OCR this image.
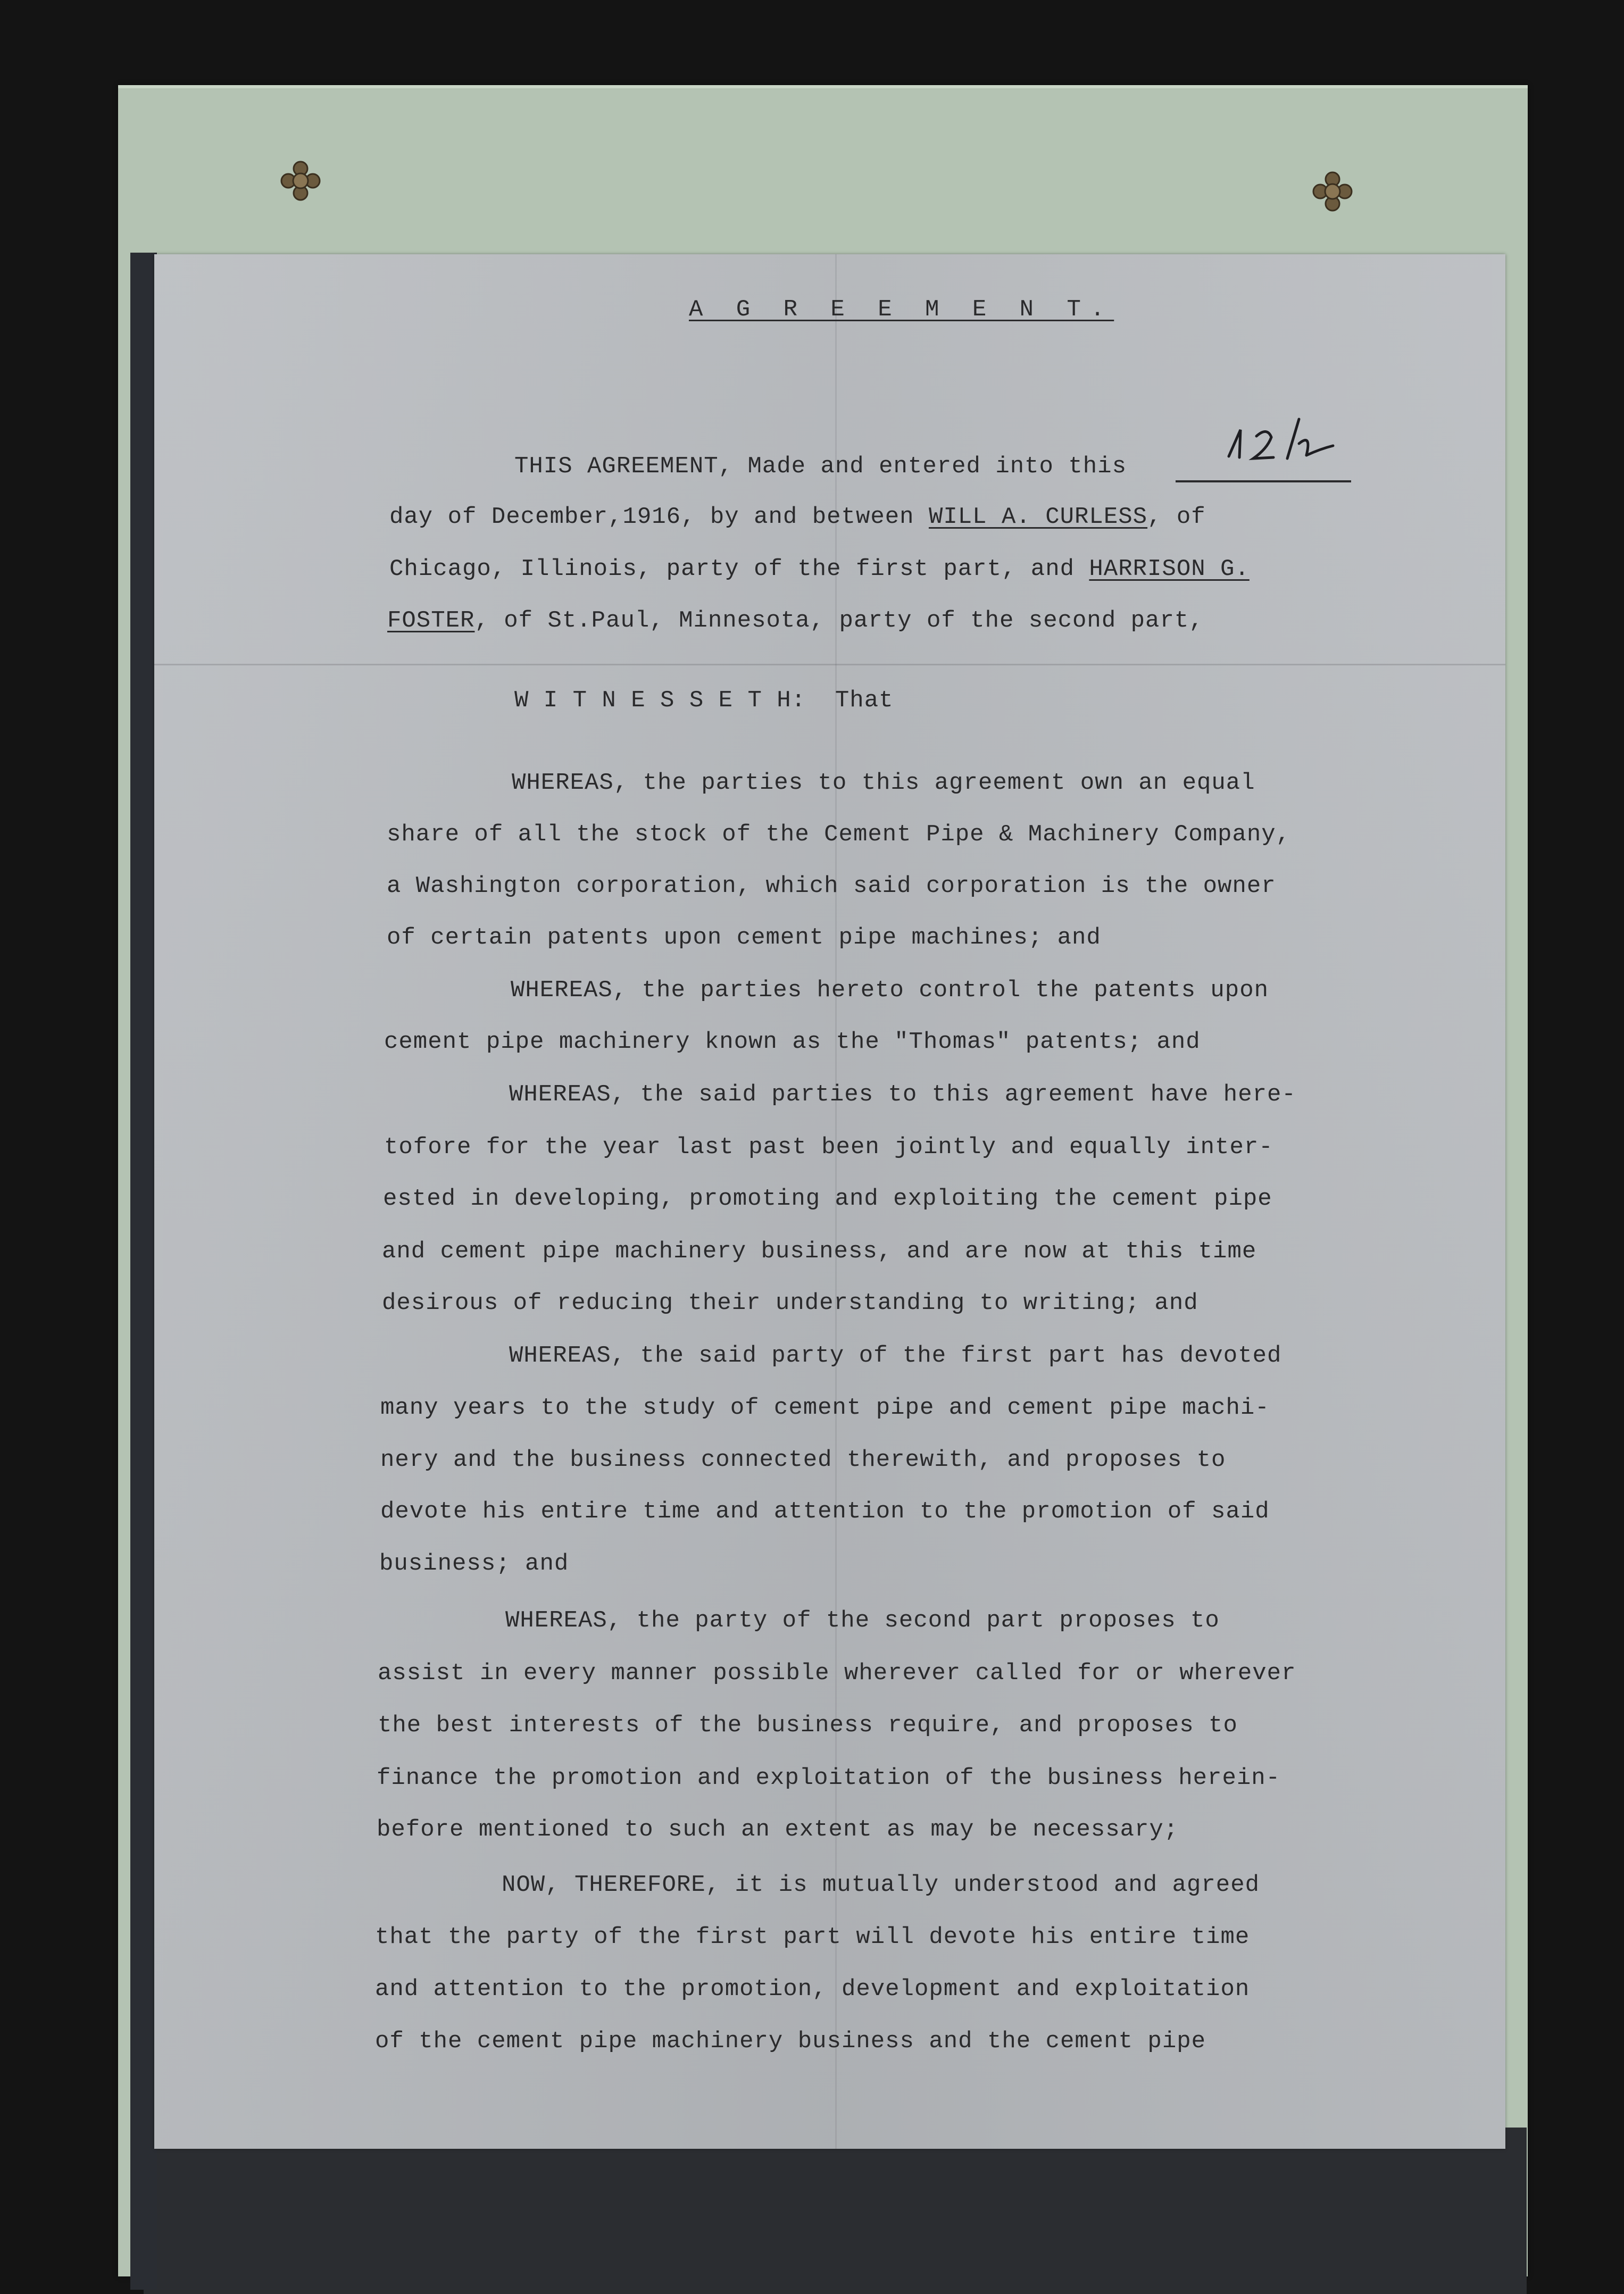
A G R E E M E N T.
THIS AGREEMENT, Made and entered into this
day of December,1916, by and between WILL A. CURLESS, of
Chicago, Illinois, party of the first part, and HARRISON G.
FOSTER, of St.Paul, Minnesota, party of the second part,
W I T N E S S E T H:  That
WHEREAS, the parties to this agreement own an equal
share of all the stock of the Cement Pipe & Machinery Company,
a Washington corporation, which said corporation is the owner
of certain patents upon cement pipe machines; and
WHEREAS, the parties hereto control the patents upon
cement pipe machinery known as the "Thomas" patents; and
WHEREAS, the said parties to this agreement have here-
tofore for the year last past been jointly and equally inter-
ested in developing, promoting and exploiting the cement pipe
and cement pipe machinery business, and are now at this time
desirous of reducing their understanding to writing; and
WHEREAS, the said party of the first part has devoted
many years to the study of cement pipe and cement pipe machi-
nery and the business connected therewith, and proposes to
devote his entire time and attention to the promotion of said
business; and
WHEREAS, the party of the second part proposes to
assist in every manner possible wherever called for or wherever
the best interests of the business require, and proposes to
finance the promotion and exploitation of the business herein-
before mentioned to such an extent as may be necessary;
NOW, THEREFORE, it is mutually understood and agreed
that the party of the first part will devote his entire time
and attention to the promotion, development and exploitation
of the cement pipe machinery business and the cement pipe
